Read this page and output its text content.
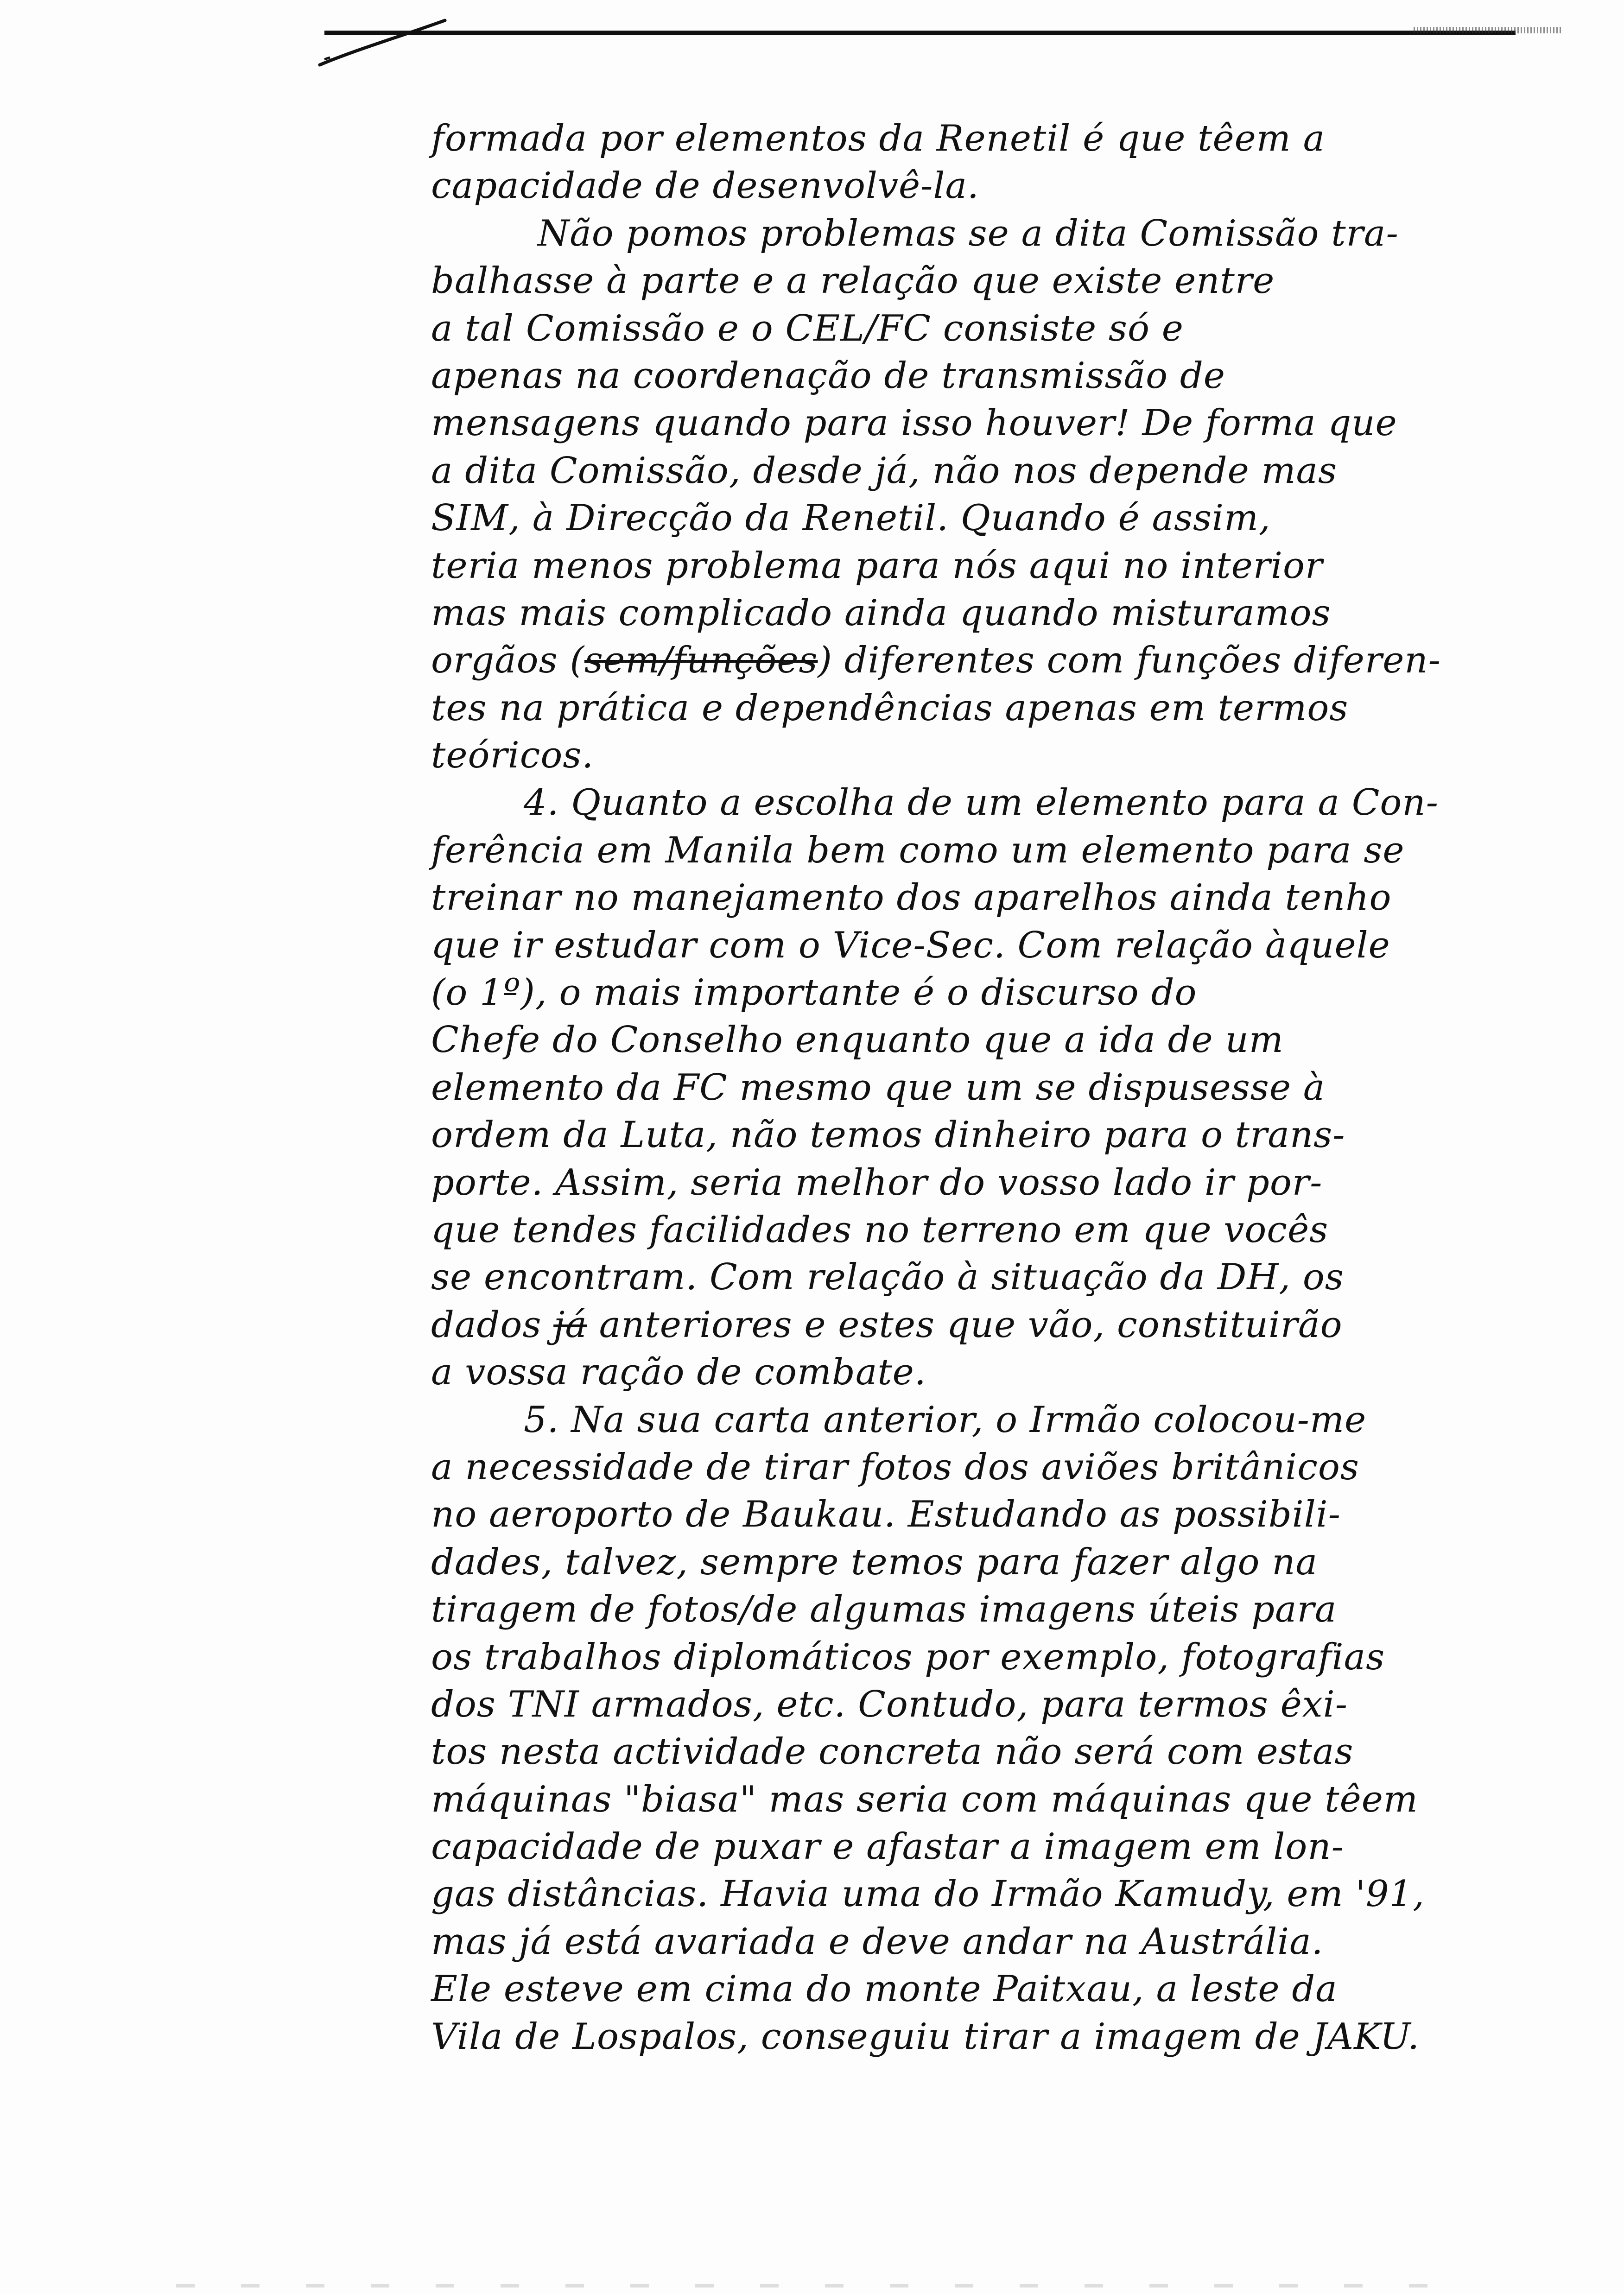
formada por elementos da Renetil é que têem a
capacidade de desenvolvê-la.
Não pomos problemas se a dita Comissão tra-
balhasse à parte e a relação que existe entre
a tal Comissão e o CEL/FC consiste só e
apenas na coordenação de transmissão de
mensagens quando para isso houver! De forma que
a dita Comissão, desde já, não nos depende mas
SIM, à Direcção da Renetil. Quando é assim,
teria menos problema para nós aqui no interior
mas mais complicado ainda quando misturamos
orgãos (sem/funções) diferentes com funções diferen-
tes na prática e dependências apenas em termos
teóricos.
4. Quanto a escolha de um elemento para a Con-
ferência em Manila bem como um elemento para se
treinar no manejamento dos aparelhos ainda tenho
que ir estudar com o Vice-Sec. Com relação àquele
(o 1º), o mais importante é o discurso do
Chefe do Conselho enquanto que a ida de um
elemento da FC mesmo que um se dispusesse à
ordem da Luta, não temos dinheiro para o trans-
porte. Assim, seria melhor do vosso lado ir por-
que tendes facilidades no terreno em que vocês
se encontram. Com relação à situação da DH, os
dados já anteriores e estes que vão, constituirão
a vossa ração de combate.
5. Na sua carta anterior, o Irmão colocou-me
a necessidade de tirar fotos dos aviões britânicos
no aeroporto de Baukau. Estudando as possibili-
dades, talvez, sempre temos para fazer algo na
tiragem de fotos/de algumas imagens úteis para
os trabalhos diplomáticos por exemplo, fotografias
dos TNI armados, etc. Contudo, para termos êxi-
tos nesta actividade concreta não será com estas
máquinas "biasa" mas seria com máquinas que têem
capacidade de puxar e afastar a imagem em lon-
gas distâncias. Havia uma do Irmão Kamudy, em '91,
mas já está avariada e deve andar na Austrália.
Ele esteve em cima do monte Paitxau, a leste da
Vila de Lospalos, conseguiu tirar a imagem de JAKU.
